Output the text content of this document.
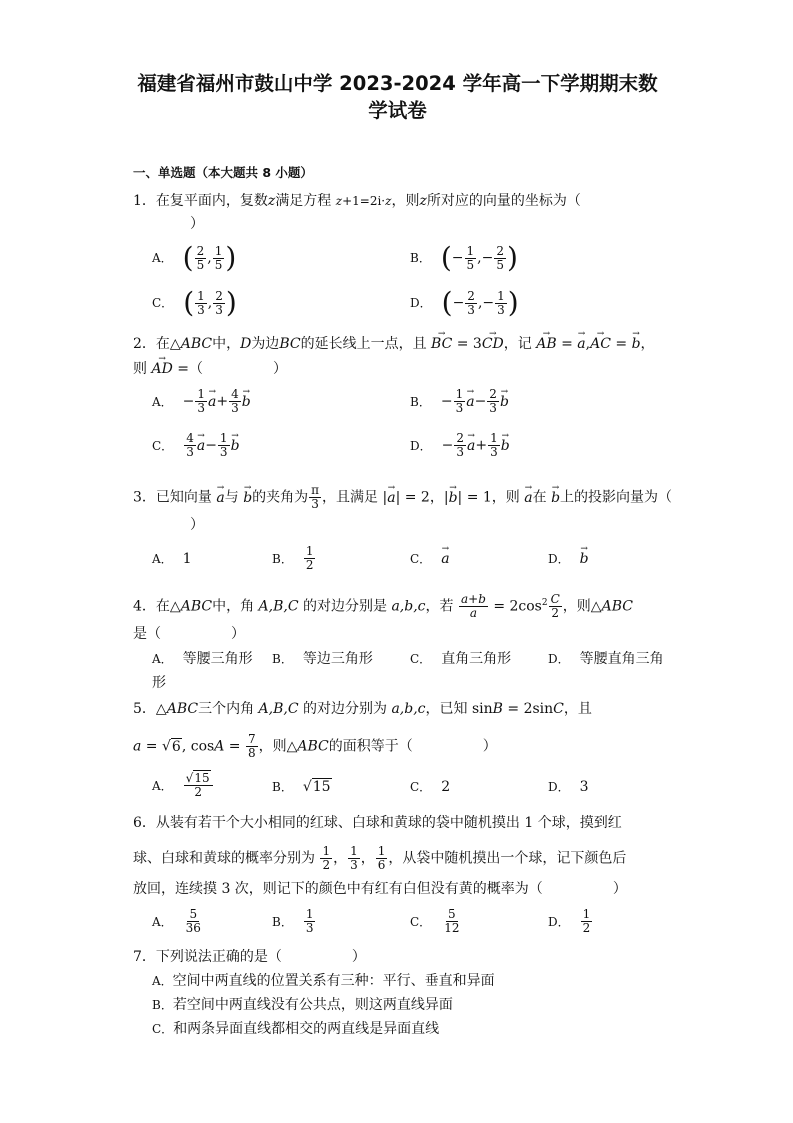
福建省福州市鼓山中学 2023-2024 学年高一下学期期末数
学试卷
一、单选题（本大题共 8 小题）
1．在复平面内，复数z满足方程 z+1=2i·z，则z所对应的向量的坐标为（
）
A． ( $\frac{2}{5}$ , $\frac{1}{5}$ )	B． (− $\frac{1}{5}$ ,− $\frac{2}{5}$ )
C． ( $\frac{1}{3}$ , $\frac{2}{3}$ )	D． (− $\frac{2}{3}$ ,− $\frac{1}{3}$ )
2．在△ABC中，D为边BC的延长线上一点，且 → BC = 3→ CD，记 → AB = → a,→ AC = → b，
则 → AD =（	）
A． − $\frac{1}{3}$
→ $a+ \frac{4}{3}$
→ b	B． − $\frac{1}{3}$
→ $a- \frac{2}{3}$
→ b
C． $\frac{4}{3}$
→ $a- \frac{1}{3}$
→ b	D． − $\frac{2}{3}$
→ $a+ \frac{1}{3}$
→ b
3．已知向量 → a与 → b的夹角为 $\frac{\pi}{3}$ ，且满足 |→ a| = 2，|→ b| = 1，则 → a在 → b上的投影向量为（
）
A． 1	B． $\frac{1}{2}$	C．→ a	D．→ b
4．在△ABC中，角 A,B,C 的对边分别是 a,b,c，若 $\frac{a+b}{a} = 2\cos^2 \frac{C}{2}$ ，则△ABC
是（	）
A． 等腰三角形 B． 等边三角形	C． 直角三角形	D． 等腰直角三角
形
5．△ABC三个内角 A,B,C 的对边分别为 a,b,c，已知 sinB = 2sinC，且
a = √6, $\cos A = \frac{7}{8}$ ，则△ABC的面积等于（	）
A． $\frac{√15}{2}$	B． √15	C． 2	D． 3
6．从装有若干个大小相同的红球、白球和黄球的袋中随机摸出 1 个球，摸到红
球、白球和黄球的概率分别为 $\frac{1}{2}$ ， $\frac{1}{3}$ ， $\frac{1}{6}$ ，从袋中随机摸出一个球，记下颜色后
放回，连续摸 3 次，则记下的颜色中有红有白但没有黄的概率为（	）
A． $\frac{5}{36}$	B． $\frac{1}{3}$	C． $\frac{5}{12}$	D． $\frac{1}{2}$
7．下列说法正确的是（	）
A．空间中两直线的位置关系有三种：平行、垂直和异面
B．若空间中两直线没有公共点，则这两直线异面
C．和两条异面直线都相交的两直线是异面直线
